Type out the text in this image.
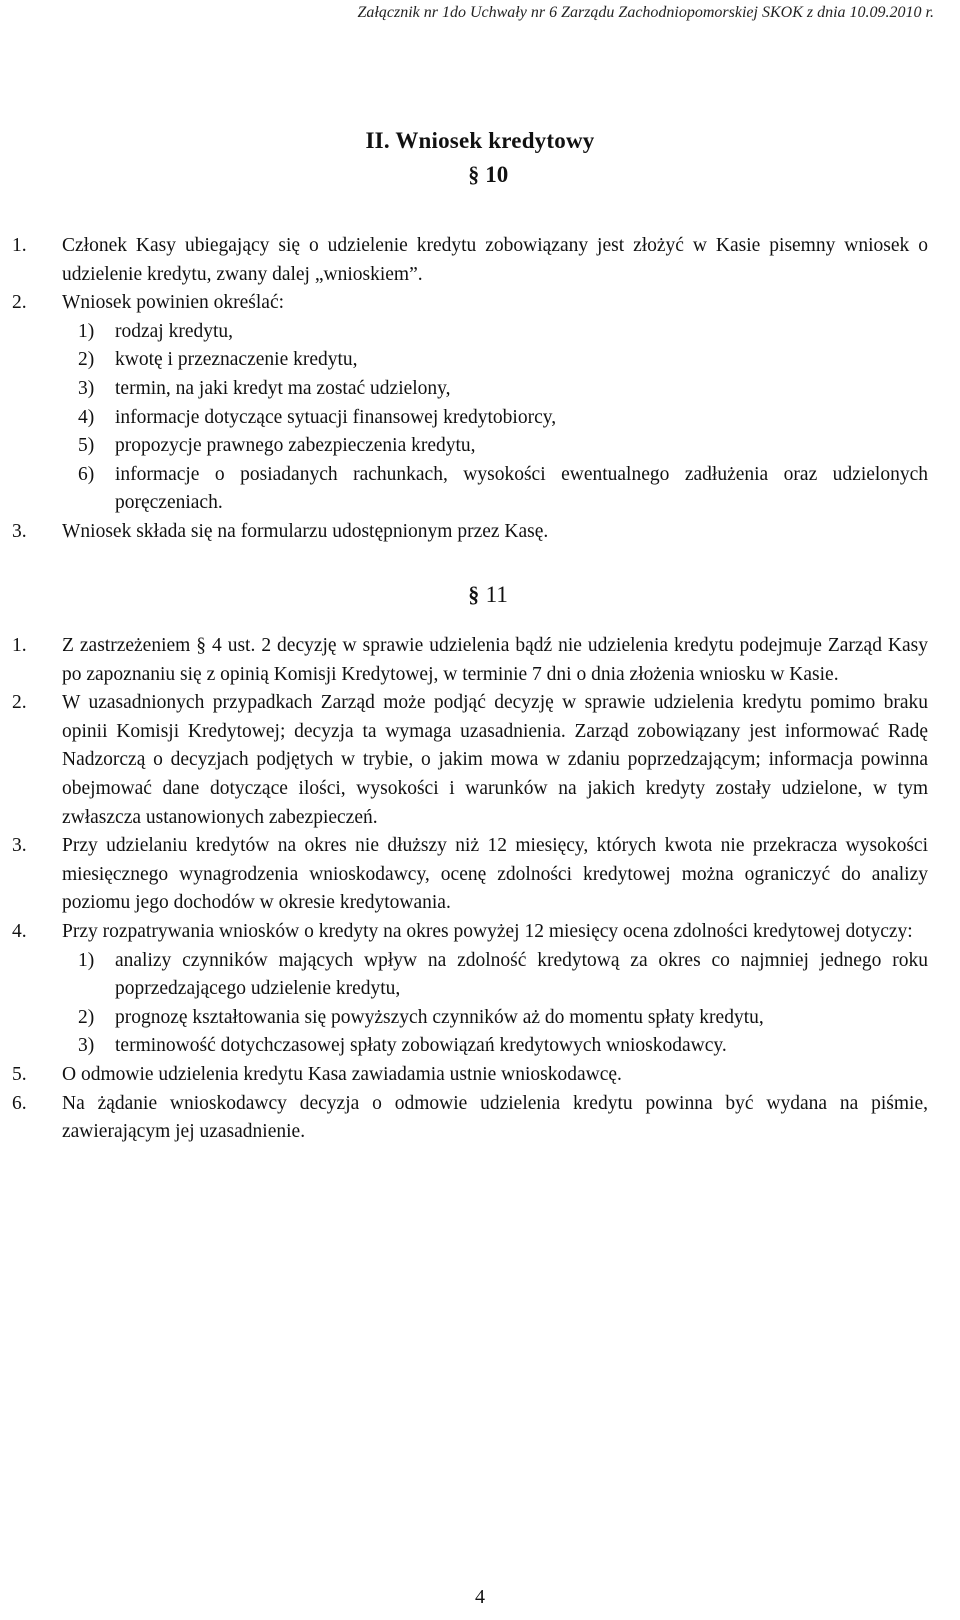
Załącznik nr 1do Uchwały nr 6 Zarządu Zachodniopomorskiej SKOK z dnia 10.09.2010 r.
II. Wniosek kredytowy
§ 10
1. Członek Kasy ubiegający się o udzielenie kredytu zobowiązany jest złożyć w Kasie pisemny wniosek o udzielenie kredytu, zwany dalej „wnioskiem”.
2. Wniosek powinien określać:
1) rodzaj kredytu,
2) kwotę i przeznaczenie kredytu,
3) termin, na jaki kredyt ma zostać udzielony,
4) informacje dotyczące sytuacji finansowej kredytobiorcy,
5) propozycje prawnego zabezpieczenia kredytu,
6) informacje o posiadanych rachunkach, wysokości ewentualnego zadłużenia oraz udzielonych poręczeniach.
3. Wniosek składa się na formularzu udostępnionym przez Kasę.
§ 11
1. Z zastrzeżeniem § 4 ust. 2 decyzję w sprawie udzielenia bądź nie udzielenia kredytu podejmuje Zarząd Kasy po zapoznaniu się z opinią Komisji Kredytowej, w terminie 7 dni o dnia złożenia wniosku w Kasie.
2. W uzasadnionych przypadkach Zarząd może podjąć decyzję w sprawie udzielenia kredytu pomimo braku opinii Komisji Kredytowej; decyzja ta wymaga uzasadnienia. Zarząd zobowiązany jest informować Radę Nadzorczą o decyzjach podjętych w trybie, o jakim mowa w zdaniu poprzedzającym; informacja powinna obejmować dane dotyczące ilości, wysokości i warunków na jakich kredyty zostały udzielone, w tym zwłaszcza ustanowionych zabezpieczeń.
3. Przy udzielaniu kredytów na okres nie dłuższy niż 12 miesięcy, których kwota nie przekracza wysokości miesięcznego wynagrodzenia wnioskodawcy, ocenę zdolności kredytowej można ograniczyć do analizy poziomu jego dochodów w okresie kredytowania.
4. Przy rozpatrywania wniosków o kredyty na okres powyżej 12 miesięcy ocena zdolności kredytowej dotyczy:
1) analizy czynników mających wpływ na zdolność kredytową za okres co najmniej jednego roku poprzedzającego udzielenie kredytu,
2) prognozę kształtowania się powyższych czynników aż do momentu spłaty kredytu,
3) terminowość dotychczasowej spłaty zobowiązań kredytowych wnioskodawcy.
5. O odmowie udzielenia kredytu Kasa zawiadamia ustnie wnioskodawcę.
6. Na żądanie wnioskodawcy decyzja o odmowie udzielenia kredytu powinna być wydana na piśmie, zawierającym jej uzasadnienie.
4
